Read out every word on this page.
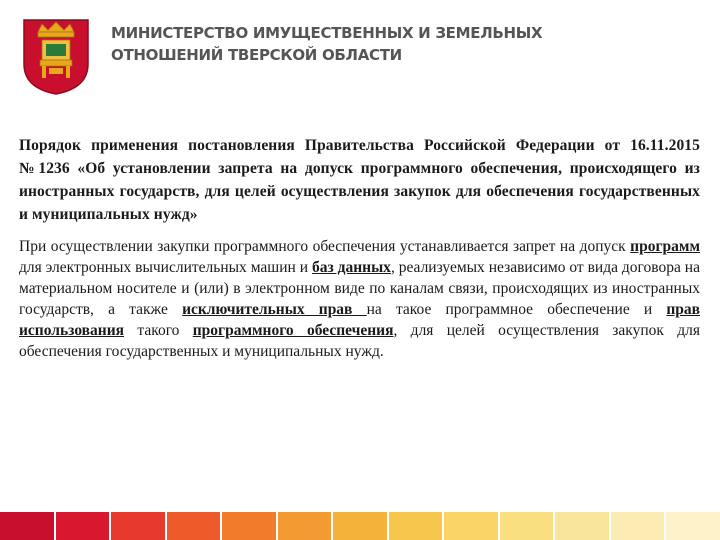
МИНИСТЕРСТВО ИМУЩЕСТВЕННЫХ И ЗЕМЕЛЬНЫХ
ОТНОШЕНИЙ ТВЕРСКОЙ ОБЛАСТИ

Порядок применения постановления Правительства Российской Федерации от 16.11.2015 №1236 «Об установлении запрета на допуск программного обеспечения, происходящего из иностранных государств, для целей осуществления закупок для обеспечения государственных и муниципальных нужд»

При осуществлении закупки программного обеспечения устанавливается запрет на допуск программ для электронных вычислительных машин и баз данных, реализуемых независимо от вида договора на материальном носителе и (или) в электронном виде по каналам связи, происходящих из иностранных государств, а также исключительных прав на такое программное обеспечение и прав использования такого программного обеспечения, для целей осуществления закупок для обеспечения государственных и муниципальных нужд.
